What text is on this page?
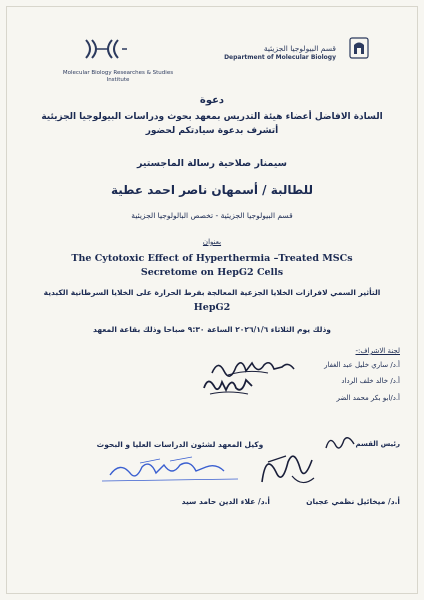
Molecular Biology Researches & Studies Institute
قسم البيولوجيا الجزيئية
Department of Molecular Biology
دعوة
السادة الافاضل أعضاء هيئة التدريس بمعهد بحوث ودراسات البيولوجيا الجزيئية
أتشرف بدعوة سيادتكم لحضور
سيمنار صلاحية رسالة الماجستير
للطالبة / أسمهان ناصر احمد عطية
قسم البيولوجيا الجزيئية - تخصص البالولوجيا الجزيئية
بعنوان
The Cytotoxic Effect of Hyperthermia –Treated MSCs
Secretome on HepG2 Cells
التأثير السمي لافرازات الخلايا الجزعية المعالجة بفرط الحرارة على الخلايا السرطانية الكبدية
HepG2
وذلك يوم الثلاثاء ٢٠٢٦/١/٦ الساعة ٩:٣٠ صباحا وذلك بقاعة المعهد
لجنة الاشراف:-
أ.د/ ساري خليل عبد الغفار
أ.د/ خالد خلف الرداد
أ.د/ابو بكر محمد الضر
وكيل المعهد لشئون الدراسات العليا و البحوث	رئيس القسم
أ.د/ علاء الدين حامد سيد	أ.د/ ميخائيل نظمي عجبان
